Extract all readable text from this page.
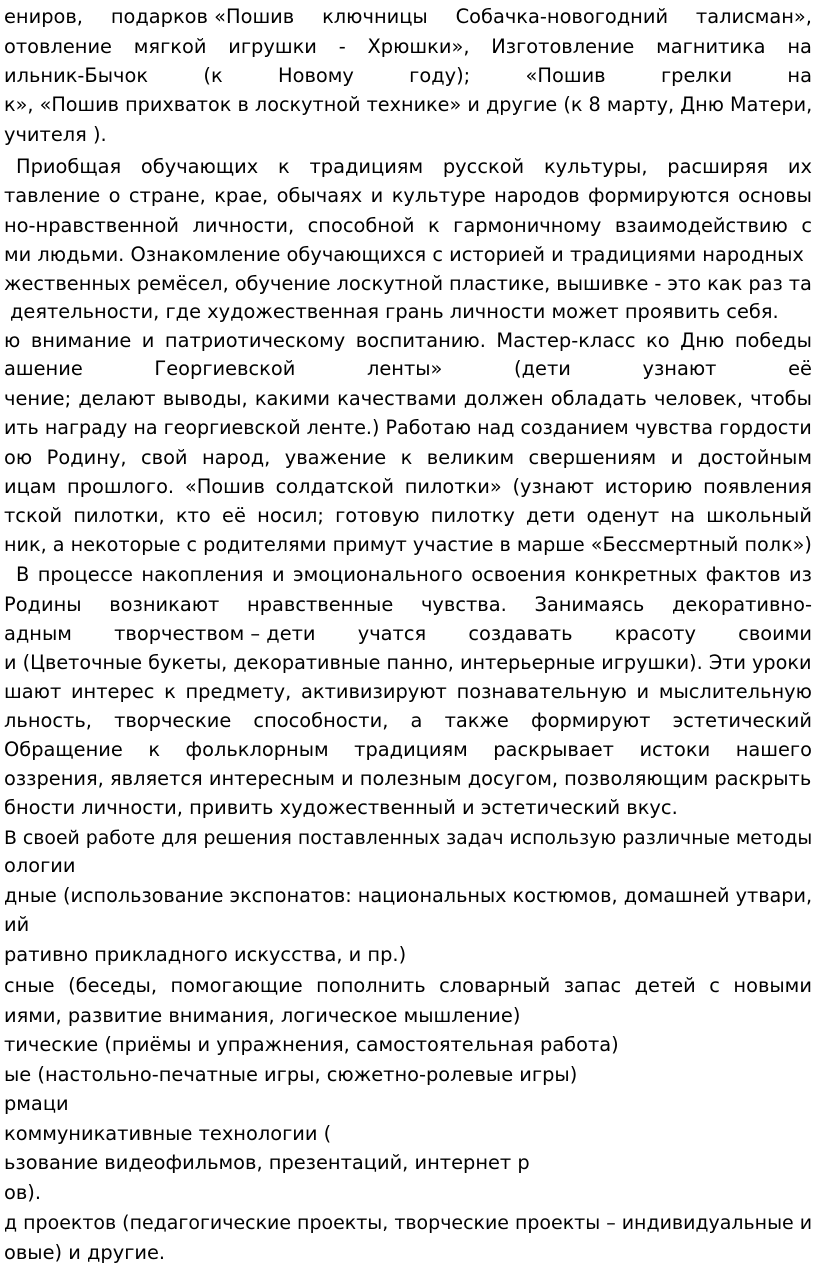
ениров, подарков «Пошив ключницы Собачка-новогодний талисман»,
отовление мягкой игрушки - Хрюшки», Изготовление магнитика на
ильник-Бычок	(к	Новому	году);	«Пошив	грелки	на
к», «Пошив прихваток в лоскутной технике» и другие (к 8 марту, Дню Матери,
учителя ).
Приобщая обучающих к традициям русской культуры, расширяя их
тавление о стране, крае, обычаях и культуре народов формируются основы
но-нравственной личности, способной к гармоничному взаимодействию с
ми людьми. Ознакомление обучающихся с историей и традициями народных
жественных ремёсел, обучение лоскутной пластике, вышивке - это как раз та
деятельности, где художественная грань личности может проявить себя.
ю внимание и патриотическому воспитанию. Мастер-класс ко Дню победы
ашение	Георгиевской	ленты»	(дети	узнают	её
чение; делают выводы, какими качествами должен обладать человек, чтобы
ить награду на георгиевской ленте.) Работаю над созданием чувства гордости
ою Родину, свой народ, уважение к великим свершениям и достойным
ицам прошлого. «Пошив солдатской пилотки» (узнают историю появления
тской пилотки, кто её носил; готовую пилотку дети оденут на школьный
ник, а некоторые с родителями примут участие в марше «Бессмертный полк»)
В процессе накопления и эмоционального освоения конкретных фактов из
Родины возникают нравственные чувства. Занимаясь декоративно-
адным творчеством – дети учатся создавать красоту своими
и (Цветочные букеты, декоративные панно, интерьерные игрушки). Эти уроки
шают интерес к предмету, активизируют познавательную и мыслительную
льность, творческие способности, а также формируют эстетический
Обращение к фольклорным традициям раскрывает истоки нашего
оззрения, является интересным и полезным досугом, позволяющим раскрыть
бности личности, привить художественный и эстетический вкус.
В своей работе для решения поставленных задач использую различные методы
ологии
дные (использование экспонатов: национальных костюмов, домашней утвари,
ий
ративно прикладного искусства, и пр.)
сные (беседы, помогающие пополнить словарный запас детей с новыми
иями, развитие внимания, логическое мышление)
тические (приёмы и упражнения, самостоятельная работа)
ые (настольно-печатные игры, сюжетно-ролевые игры)
рмаци
коммуникативные технологии (
ьзование видеофильмов, презентаций, интернет р
ов).
д проектов (педагогические проекты, творческие проекты – индивидуальные и
овые) и другие.
